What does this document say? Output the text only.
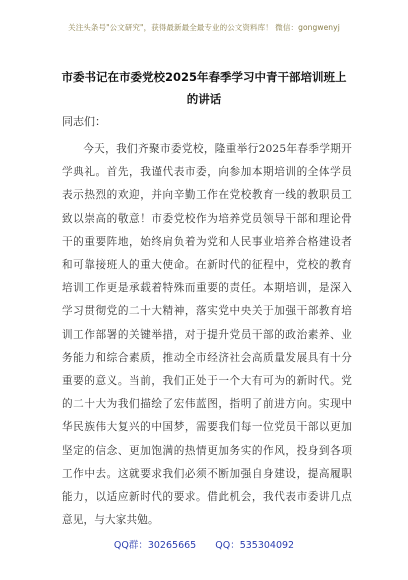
关注头条号"公文研究"，获得最新最全最专业的公文资料库！ 微信：gongwenyj
市委书记在市委党校2025年春季学习中青干部培训班上的讲话
同志们：
今天，我们齐聚市委党校，隆重举行2025年春季学期开学典礼。首先，我谨代表市委，向参加本期培训的全体学员表示热烈的欢迎，并向辛勤工作在党校教育一线的教职员工致以崇高的敬意！市委党校作为培养党员领导干部和理论骨干的重要阵地，始终肩负着为党和人民事业培养合格建设者和可靠接班人的重大使命。在新时代的征程中，党校的教育培训工作更是承载着特殊而重要的责任。本期培训，是深入学习贯彻党的二十大精神，落实党中央关于加强干部教育培训工作部署的关键举措，对于提升党员干部的政治素养、业务能力和综合素质，推动全市经济社会高质量发展具有十分重要的意义。当前，我们正处于一个大有可为的新时代。党的二十大为我们描绘了宏伟蓝图，指明了前进方向。实现中华民族伟大复兴的中国梦，需要我们每一位党员干部以更加坚定的信念、更加饱满的热情更加务实的作风，投身到各项工作中去。这就要求我们必须不断加强自身建设，提高履职能力，以适应新时代的要求。借此机会，我代表市委讲几点意见，与大家共勉。
QQ群：30265665 QQ：535304092
